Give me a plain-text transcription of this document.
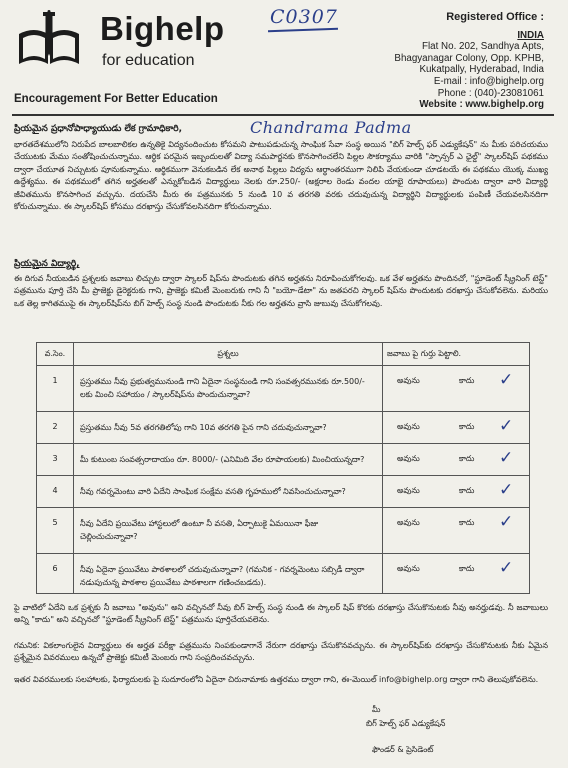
Bighelp
for education
Encouragement For Better Education
C0307	Registered Office :
INDIA
Flat No. 202, Sandhya Apts,
Bhagyanagar Colony, Opp. KPHB,
Kukatpally, Hyderabad, India
E-mail : info@bighelp.org
Phone : (040)-23081061
Website : www.bighelp.org
ప్రియమైన ప్రధానోపాధ్యాయుడు లేక గ్రామాధికారి,	Chandrama Padma
భారతదేశములోని నిరుపేద బాలబాలికల ఉన్నతికై విద్యనందించుట కోసమని పాటుపడుచున్న సాంఘిక సేవా సంస్థ అయిన "బిగ్ హెల్ప్ ఫర్ ఎడ్యుకేషన్" ను మీకు పరిచయము చేయుటకు మేము సంతోషించుచున్నాము. ఆర్థిక పరమైన ఇబ్బందులతో విద్యా సమపార్జనకు కొనసాగించలేని పిల్లల సౌకర్యాము వారికి "స్పాన్సర్ ఎ ఛైల్డ్" స్కాలర్‌షిప్ పథకము ద్వారా చేయూత నిచ్చుటకు పూనుకున్నాము. ఆర్థికముగా వెనుకబడిన లేక అనాథ పిల్లలు విద్యను ఆర్థాంతరముగా నిలిపి వేయకుండా చూడటయే ఈ పథకము యొక్క ముఖ్య ఉద్దేశ్యము. ఈ పథకములో తగిన అర్హతలతో ఎన్నుకోబడిన విద్యార్థులు నెలకు రూ.250/- (అక్షరాల రెండు వందల యాభై రూపాయలు) పొందుట ద్వారా వారి విద్యార్థి జీవితమును కొనసాగించ వచ్చును. దయచేసి మీరు ఈ పత్రమునకు 5 నుండి 10 వ తరగతి వరకు చదువుచున్న విద్యార్థిని విద్యార్థులకు పంపిణీ చేయవలసినదిగా కోరుచున్నాము. ఈ స్కాలర్‌షిప్ కోసము దరఖాస్తు చేసుకోవలసినదిగా కోరుచున్నాము.
ప్రియమైన విద్యార్థి,
ఈ దిగువ నీయబడిన ప్రశ్నలకు జవాబు లిచ్చుట ద్వారా స్కాలర్ షిప్‌ను పొందుటకు తగిన అర్హతను నిరూపించుకోగలవు. ఒక వేళ అర్హతను పొందినచో, "స్టూడెంట్ స్క్రీనింగ్ టెస్ట్" పత్రమును పూర్తి చేసి మీ ప్రాజెక్టు డైరెక్టరుకు గాని, ప్రాజెక్టు కమిటీ మెంబరుకు గాని నీ "బయో-డేటా" ను జతపరచి స్కాలర్ షిప్‌ను పొందుటకు దరఖాస్తు చేసుకోవలెను. మరియు ఒక తెల్ల కాగితముపై ఈ స్కాలర్‌షిప్‌ను బిగ్ హెల్ప్ సంస్థ నుండి పొందుటకు నీకు గల అర్హతను వ్రాసి జుబువు చేసుకోగలవు.
వ.సెం.	ప్రశ్నలు	జవాబు పై గుర్తు పెట్టాలి.
1	ప్రస్తుతము నీవు ప్రభుత్వమునుండి గాని ఏదైనా సంస్థనుండి గాని సంవత్సరమునకు రూ.500/- లకు మించి సహాయం / స్కాలర్‌షిప్‌ను పొందుచున్నావా?	అవును కాదు ✓

2	ప్రస్తుతము నీవు 5వ తరగతిలోపు గాని 10వ తరగతి పైన గాని చదువుచున్నావా?	అవును కాదు ✓

3	మీ కుటుంబ సంవత్సరాదాయం రూ. 8000/- (ఎనిమిది వేల రూపాయలకు) మించియున్నదా?	అవును కాదు ✓

4	నీవు గవర్నమెంటు వారి ఏదేని సాంఘిక సంక్షేమ వసతి గృహములో నివసించుచున్నావా?	అవును కాదు ✓

5	నీవు ఏదేని ప్రయివేటు హాస్టలులో ఉంటూ నీ వసతి, ఏర్పాటుకై ఏమయినా ఫీజు చెల్లించుచున్నావా?	అవును కాదు ✓

6	నీవు ఏదైనా ప్రయివేటు పాఠశాలలో చదువుచున్నావా? (గమనిక - గవర్నమెంటు సబ్సిడీ ద్వారా నడుపుచున్న పాఠశాల ప్రయివేటు పాఠశాలగా గణించబడదు).	అవును కాదు ✓
పై వాటిలో ఏదేని ఒక ప్రశ్నకు నీ జవాబు "అవును" అని వచ్చినచో నీవు బిగ్ హెల్ప్ సంస్థ నుండి ఈ స్కాలర్ షిప్ కొరకు దరఖాస్తు చేసుకొనుటకు నీవు అనర్హుడవు. నీ జవాబులు అన్ని "కాదు" అని వచ్చినచో "స్టూడెంట్ స్క్రీనింగ్ టెస్ట్" పత్రమును పూర్తిచేయవలెను.
గమనిక: వికలాంగులైన విద్యార్థులు ఈ అర్హత పరీక్షా పత్రమును నింపకుండాగానే నేరుగా దరఖాస్తు చేసుకొనవచ్చును. ఈ స్కాలర్‌షిప్‌కు దరఖాస్తు చేసుకొనుటకు నీకు ఏమైన ప్రశ్నేమైన వివరములు ఉన్నచో ప్రాజెక్టు కమిటీ మెంబరు గాని సంప్రదించవచ్చును.
ఇతర వివరములకు సలహాలకు, ఫిర్యాదులకు పై సుదూరంలోని ఏదైనా చిరునామాకు ఉత్తరము ద్వారా గాని, ఈ-మెయిల్ info@bighelp.org ద్వారా గాని తెలుపుకోవలెను.
మీ
బిగ్ హెల్ప్ ఫర్ ఎడ్యుకేషన్
ఫౌండర్ & ప్రెసిడెంట్
